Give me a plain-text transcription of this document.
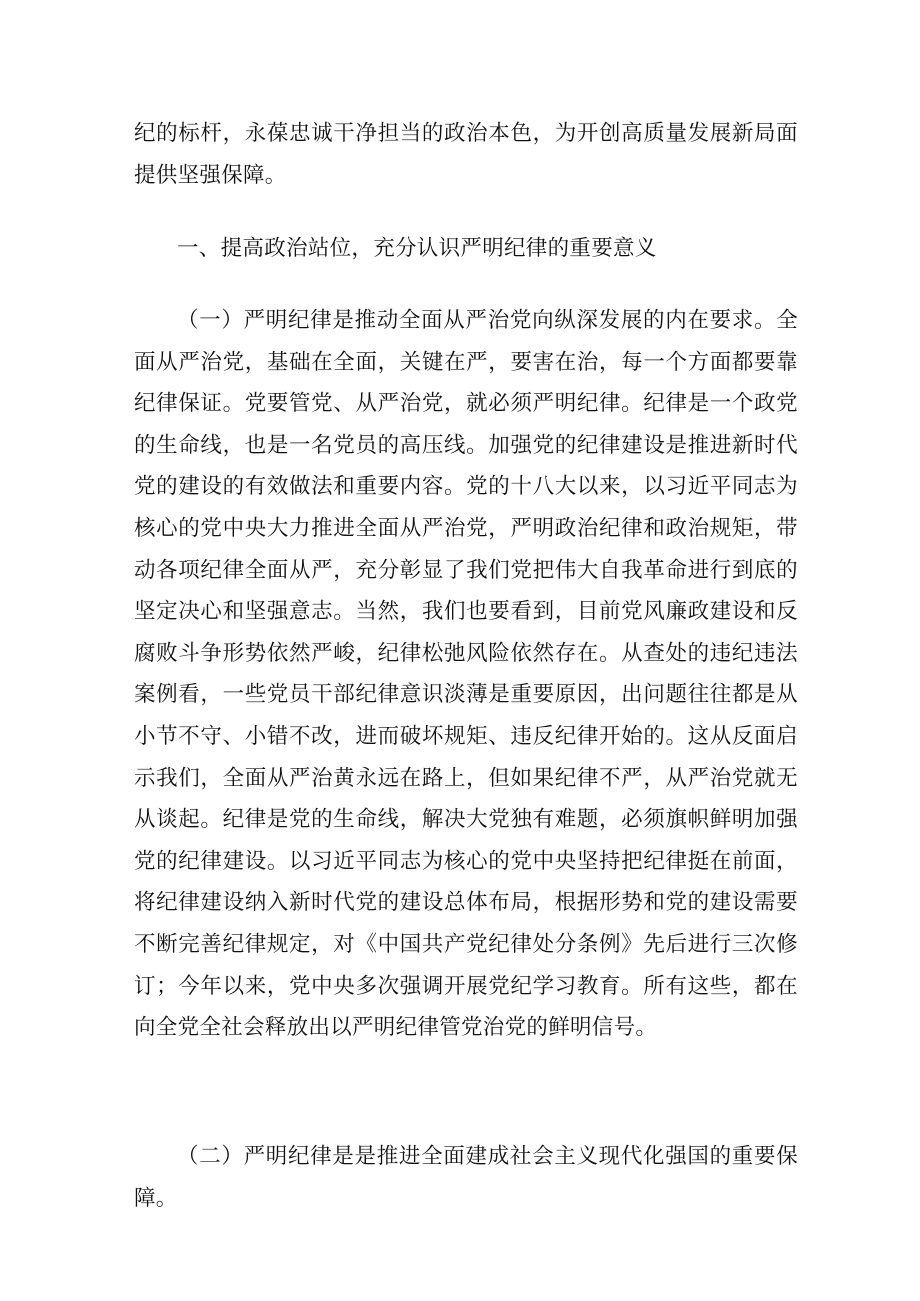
纪的标杆，永葆忠诚干净担当的政治本色，为开创高质量发展新局面提供坚强保障。

一、提高政治站位，充分认识严明纪律的重要意义

（一）严明纪律是推动全面从严治党向纵深发展的内在要求。全面从严治党，基础在全面，关键在严，要害在治，每一个方面都要靠纪律保证。党要管党、从严治党，就必须严明纪律。纪律是一个政党的生命线，也是一名党员的高压线。加强党的纪律建设是推进新时代党的建设的有效做法和重要内容。党的十八大以来，以习近平同志为核心的党中央大力推进全面从严治党，严明政治纪律和政治规矩，带动各项纪律全面从严，充分彰显了我们党把伟大自我革命进行到底的坚定决心和坚强意志。当然，我们也要看到，目前党风廉政建设和反腐败斗争形势依然严峻，纪律松弛风险依然存在。从查处的违纪违法案例看，一些党员干部纪律意识淡薄是重要原因，出问题往往都是从小节不守、小错不改，进而破坏规矩、违反纪律开始的。这从反面启示我们，全面从严治黄永远在路上，但如果纪律不严，从严治党就无从谈起。纪律是党的生命线，解决大党独有难题，必须旗帜鲜明加强党的纪律建设。以习近平同志为核心的党中央坚持把纪律挺在前面，将纪律建设纳入新时代党的建设总体布局，根据形势和党的建设需要不断完善纪律规定，对《中国共产党纪律处分条例》先后进行三次修订；今年以来，党中央多次强调开展党纪学习教育。所有这些，都在向全党全社会释放出以严明纪律管党治党的鲜明信号。

（二）严明纪律是是推进全面建成社会主义现代化强国的重要保障。
